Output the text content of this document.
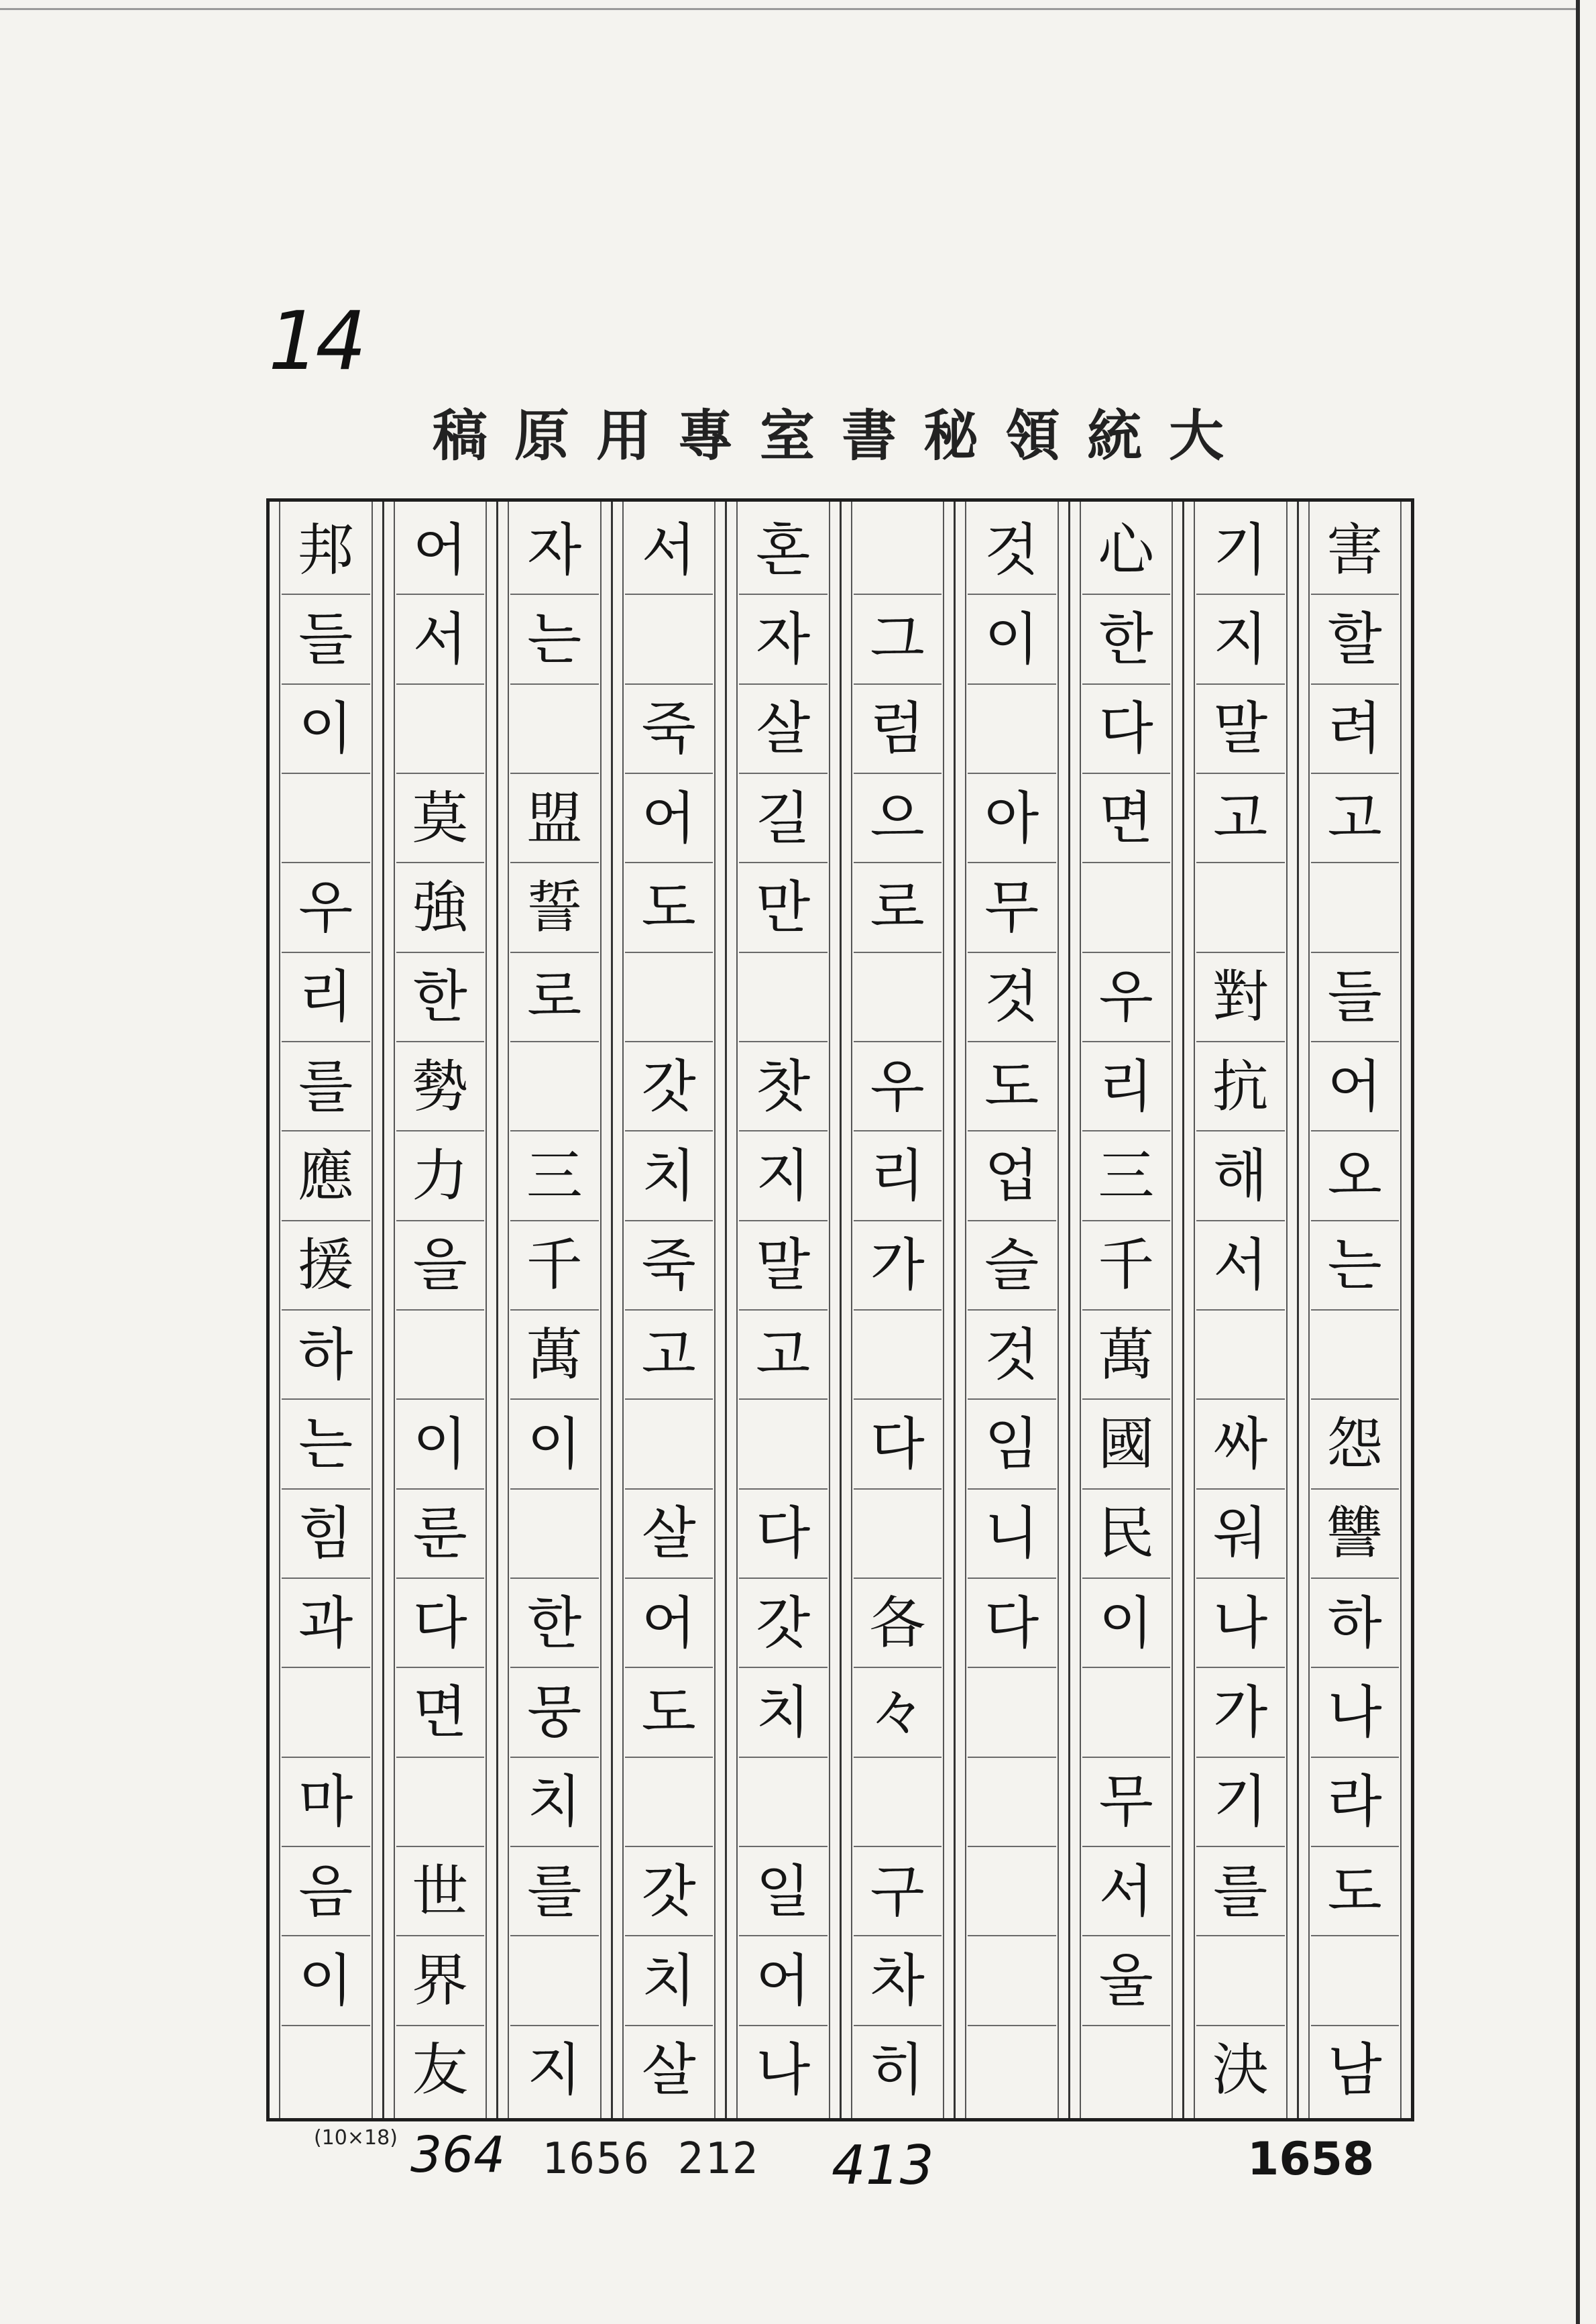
14
大統領秘書室專用原稿
害
할
려
고
들
어
오
는
怨
讐
하
나
라
도
남
기
지
말
고
對
抗
해
서
싸
워
나
가
기
를
決
心
한
다
면
우
리
三
千
萬
國
民
이
무
서
울
것
이
아
무
것
도
업
슬
것
임
니
다
그
럼
으
로
우
리
가
다
各
々
구
차
히
혼
자
살
길
만
찻
지
말
고
다
갓
치
일
어
나
서
죽
어
도
갓
치
죽
고
살
어
도
갓
치
살
자
는
盟
誓
로
三
千
萬
이
한
뭉
치
를
지
어
서
莫
強
한
勢
力
을
이
룬
다
면
世
界
友
邦
들
이
우
리
를
應
援
하
는
힘
과
마
음
이
(10×18) 364 1656 212 413	1658
